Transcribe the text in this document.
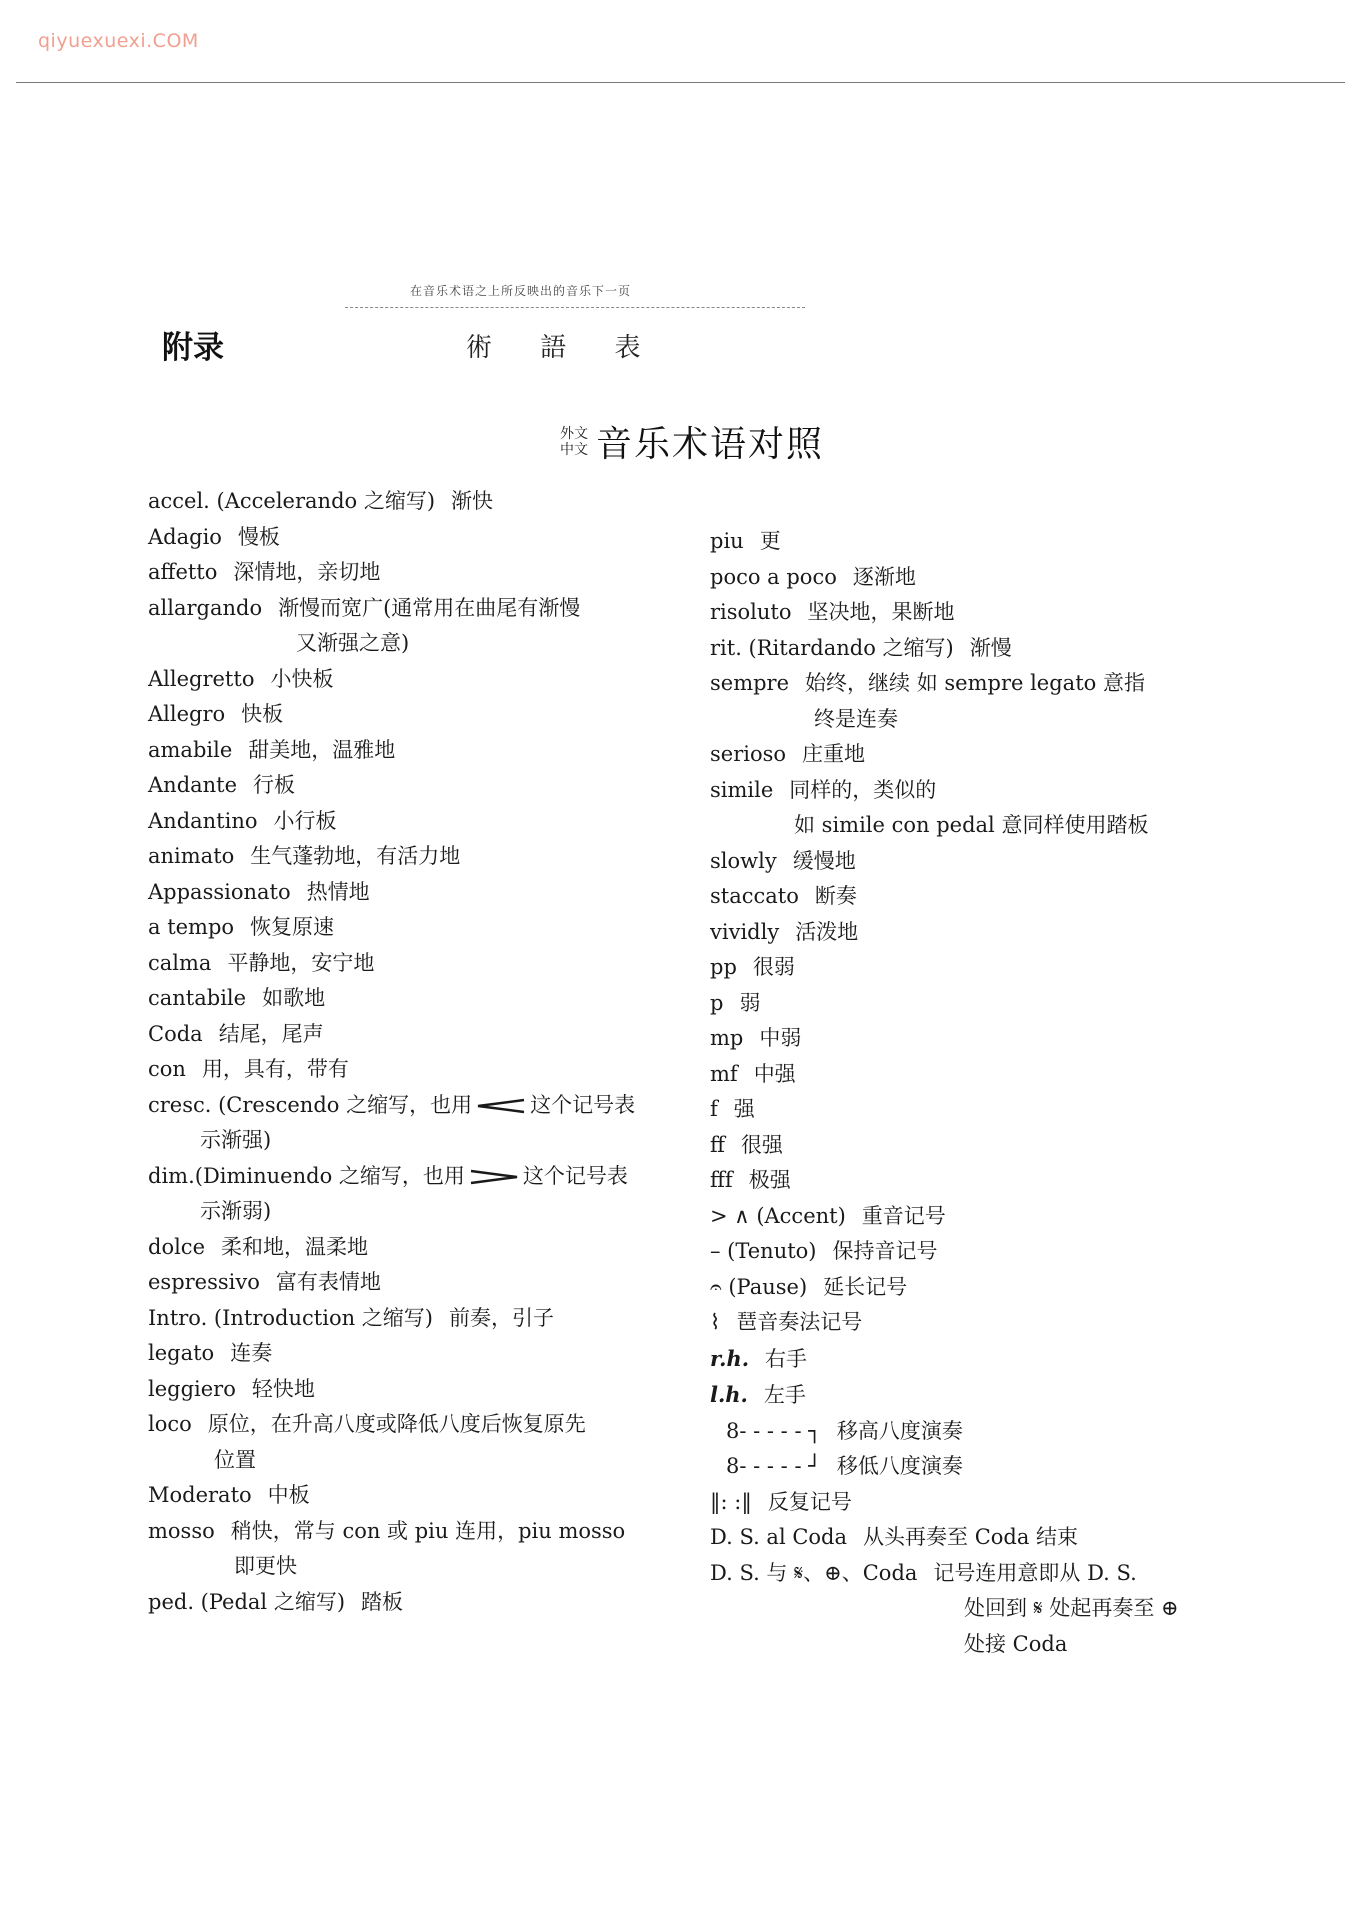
qiyuexuexi.COM
在音乐术语之上所反映出的音乐下一页
附录	術 語 表
外文
中文 音乐术语对照
accel. (Accelerando 之缩写) 渐快
Adagio 慢板
affetto 深情地，亲切地
allargando 渐慢而宽广(通常用在曲尾有渐慢
又渐强之意)
Allegretto 小快板
Allegro 快板
amabile 甜美地，温雅地
Andante 行板
Andantino 小行板
animato 生气蓬勃地，有活力地
Appassionato 热情地
a tempo 恢复原速
calma 平静地，安宁地
cantabile 如歌地
Coda 结尾，尾声
con 用，具有，带有
cresc. (Crescendo 之缩写，也用	这个记号表
示渐强)
dim.(Diminuendo 之缩写，也用	这个记号表
示渐弱)
dolce 柔和地，温柔地
espressivo 富有表情地
Intro. (Introduction 之缩写) 前奏，引子
legato 连奏
leggiero 轻快地
loco 原位，在升高八度或降低八度后恢复原先
位置
Moderato 中板
mosso 稍快，常与 con 或 piu 连用，piu mosso
即更快
ped. (Pedal 之缩写) 踏板
piu 更
poco a poco 逐渐地
risoluto 坚决地，果断地
rit. (Ritardando 之缩写) 渐慢
sempre 始终，继续 如 sempre legato 意指
终是连奏
serioso 庄重地
simile 同样的，类似的
如 simile con pedal 意同样使用踏板
slowly 缓慢地
staccato 断奏
vividly 活泼地
pp 很弱
p 弱
mp 中弱
mf 中强
f 强
ff 很强
fff 极强
> ∧ (Accent) 重音记号
– (Tenuto) 保持音记号
𝄐 (Pause) 延长记号
⌇ 琶音奏法记号
r.h. 右手
l.h. 左手
8- - - - - ┐ 移高八度演奏
8- - - - - ┘ 移低八度演奏
‖: :‖ 反复记号
D. S. al Coda 从头再奏至 Coda 结束
D. S. 与 𝄋、⊕、Coda 记号连用意即从 D. S.
处回到 𝄋 处起再奏至 ⊕
处接 Coda
